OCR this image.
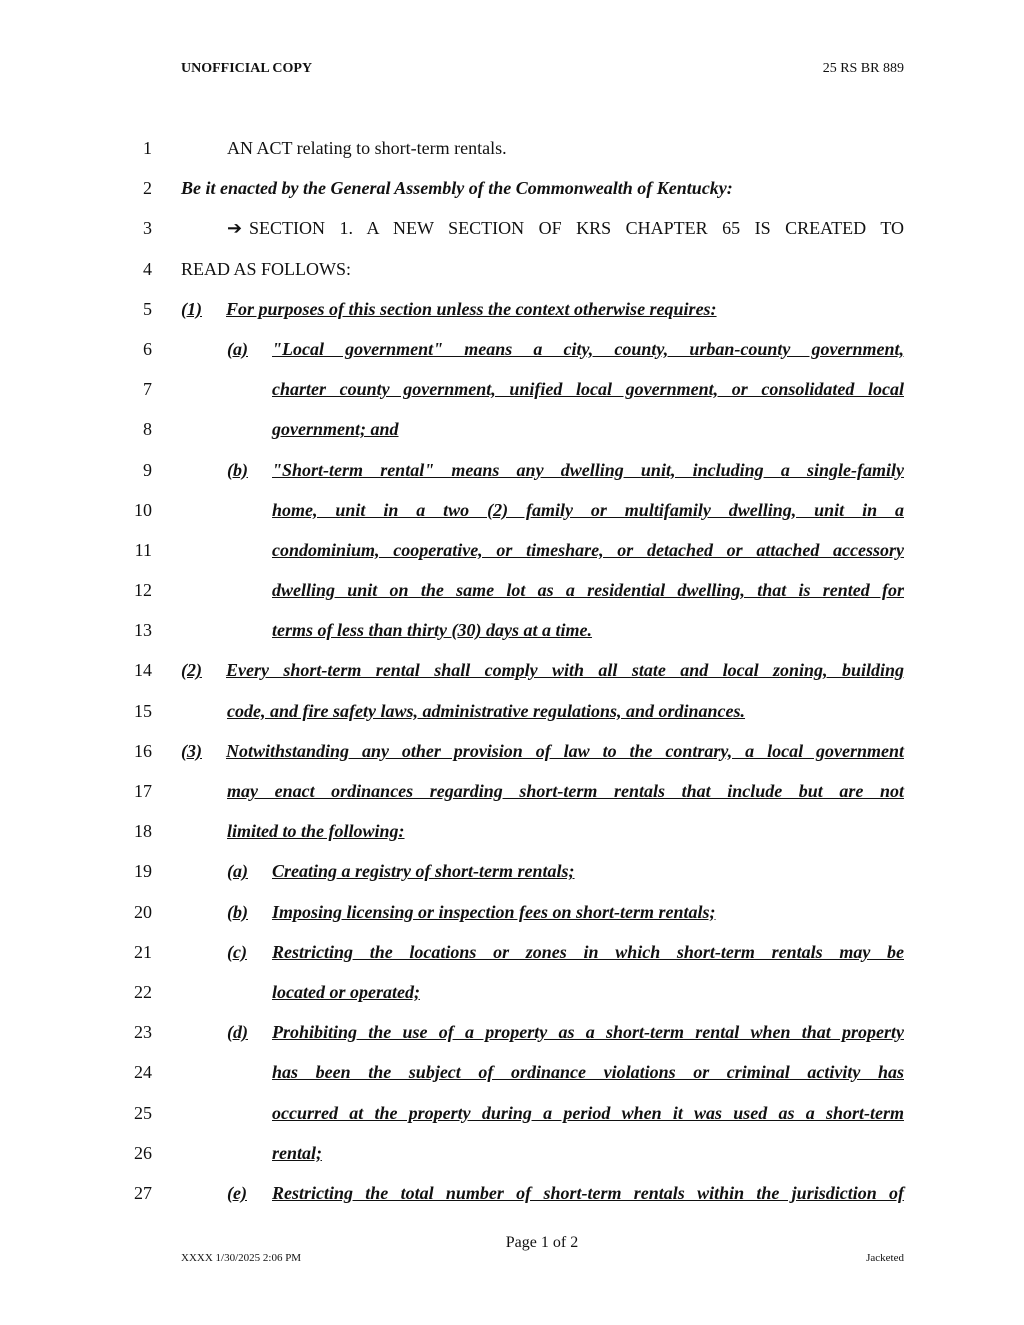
UNOFFICIAL COPY	25 RS BR 889
1	AN ACT relating to short-term rentals.
2 Be it enacted by the General Assembly of the Commonwealth of Kentucky:
3	➔ SECTION 1. A NEW SECTION OF KRS CHAPTER 65 IS CREATED TO
4 READ AS FOLLOWS:
5 (1) For purposes of this section unless the context otherwise requires:
6	(a) "Local government" means a city, county, urban-county government,
7	charter county government, unified local government, or consolidated local
8	government; and
9	(b) "Short-term rental" means any dwelling unit, including a single-family
10	home, unit in a two (2) family or multifamily dwelling, unit in a
11	condominium, cooperative, or timeshare, or detached or attached accessory
12	dwelling unit on the same lot as a residential dwelling, that is rented for
13	terms of less than thirty (30) days at a time.
14 (2) Every short-term rental shall comply with all state and local zoning, building
15	code, and fire safety laws, administrative regulations, and ordinances.
16 (3) Notwithstanding any other provision of law to the contrary, a local government
17	may enact ordinances regarding short-term rentals that include but are not
18	limited to the following:
19	(a) Creating a registry of short-term rentals;
20	(b) Imposing licensing or inspection fees on short-term rentals;
21	(c) Restricting the locations or zones in which short-term rentals may be
22	located or operated;
23	(d) Prohibiting the use of a property as a short-term rental when that property
24	has been the subject of ordinance violations or criminal activity has
25	occurred at the property during a period when it was used as a short-term
26	rental;
27	(e) Restricting the total number of short-term rentals within the jurisdiction of
Page 1 of 2
XXXX 1/30/2025 2:06 PM	Jacketed
